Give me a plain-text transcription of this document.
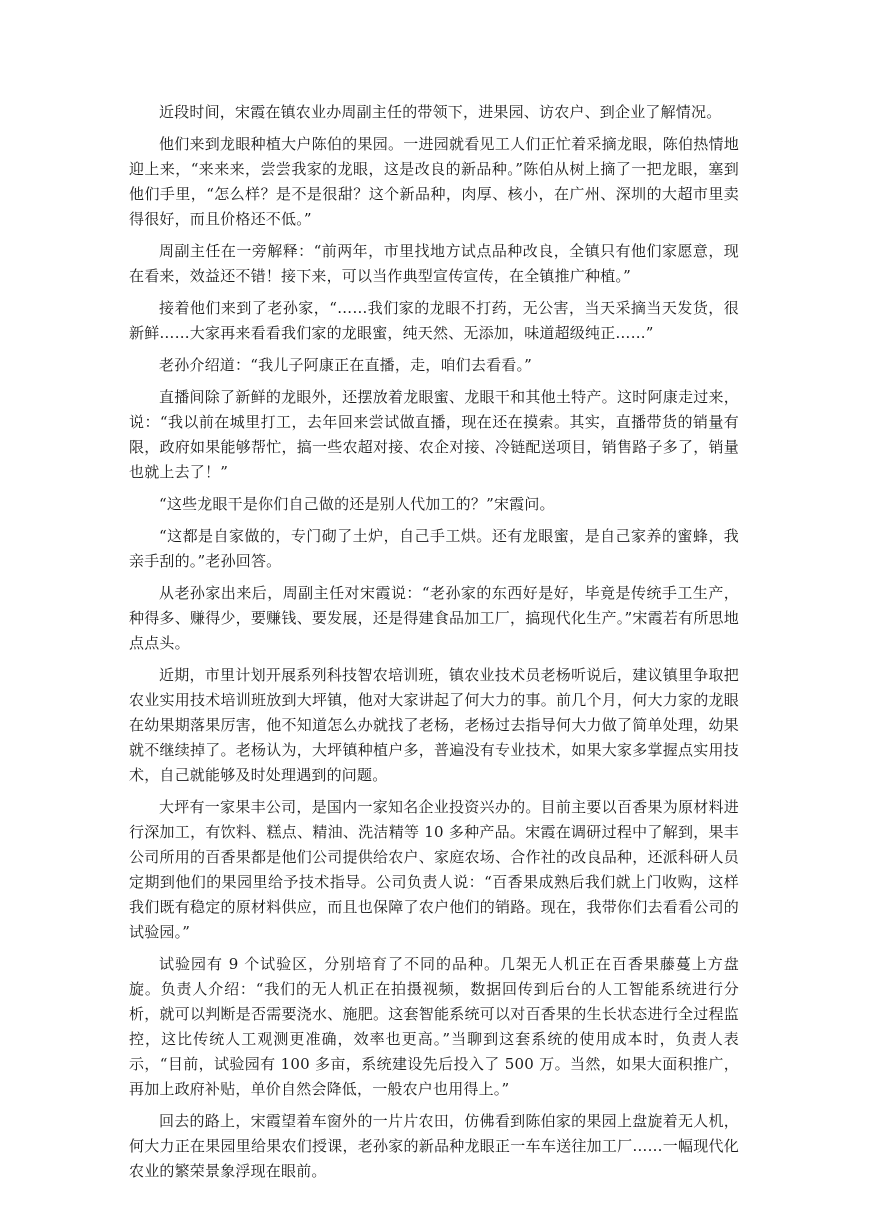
近段时间，宋霞在镇农业办周副主任的带领下，进果园、访农户、到企业了解情况。

他们来到龙眼种植大户陈伯的果园。一进园就看见工人们正忙着采摘龙眼，陈伯热情地迎上来，“来来来，尝尝我家的龙眼，这是改良的新品种。”陈伯从树上摘了一把龙眼，塞到他们手里，“怎么样？是不是很甜？这个新品种，肉厚、核小，在广州、深圳的大超市里卖得很好，而且价格还不低。”

周副主任在一旁解释：“前两年，市里找地方试点品种改良，全镇只有他们家愿意，现在看来，效益还不错！接下来，可以当作典型宣传宣传，在全镇推广种植。”

接着他们来到了老孙家，“……我们家的龙眼不打药，无公害，当天采摘当天发货，很新鲜……大家再来看看我们家的龙眼蜜，纯天然、无添加，味道超级纯正……”

老孙介绍道：“我儿子阿康正在直播，走，咱们去看看。”

直播间除了新鲜的龙眼外，还摆放着龙眼蜜、龙眼干和其他土特产。这时阿康走过来，说：“我以前在城里打工，去年回来尝试做直播，现在还在摸索。其实，直播带货的销量有限，政府如果能够帮忙，搞一些农超对接、农企对接、冷链配送项目，销售路子多了，销量也就上去了！”

“这些龙眼干是你们自己做的还是别人代加工的？”宋霞问。

“这都是自家做的，专门砌了土炉，自己手工烘。还有龙眼蜜，是自己家养的蜜蜂，我亲手刮的。”老孙回答。

从老孙家出来后，周副主任对宋霞说：“老孙家的东西好是好，毕竟是传统手工生产，种得多、赚得少，要赚钱、要发展，还是得建食品加工厂，搞现代化生产。”宋霞若有所思地点点头。

近期，市里计划开展系列科技智农培训班，镇农业技术员老杨听说后，建议镇里争取把农业实用技术培训班放到大坪镇，他对大家讲起了何大力的事。前几个月，何大力家的龙眼在幼果期落果厉害，他不知道怎么办就找了老杨，老杨过去指导何大力做了简单处理，幼果就不继续掉了。老杨认为，大坪镇种植户多，普遍没有专业技术，如果大家多掌握点实用技术，自己就能够及时处理遇到的问题。

大坪有一家果丰公司，是国内一家知名企业投资兴办的。目前主要以百香果为原材料进行深加工，有饮料、糕点、精油、洗洁精等 10 多种产品。宋霞在调研过程中了解到，果丰公司所用的百香果都是他们公司提供给农户、家庭农场、合作社的改良品种，还派科研人员定期到他们的果园里给予技术指导。公司负责人说：“百香果成熟后我们就上门收购，这样我们既有稳定的原材料供应，而且也保障了农户他们的销路。现在，我带你们去看看公司的试验园。”

试验园有 9 个试验区，分别培育了不同的品种。几架无人机正在百香果藤蔓上方盘旋。负责人介绍：“我们的无人机正在拍摄视频，数据回传到后台的人工智能系统进行分析，就可以判断是否需要浇水、施肥。这套智能系统可以对百香果的生长状态进行全过程监控，这比传统人工观测更准确，效率也更高。”当聊到这套系统的使用成本时，负责人表示，“目前，试验园有 100 多亩，系统建设先后投入了 500 万。当然，如果大面积推广，再加上政府补贴，单价自然会降低，一般农户也用得上。”

回去的路上，宋霞望着车窗外的一片片农田，仿佛看到陈伯家的果园上盘旋着无人机，何大力正在果园里给果农们授课，老孙家的新品种龙眼正一车车送往加工厂……一幅现代化农业的繁荣景象浮现在眼前。
